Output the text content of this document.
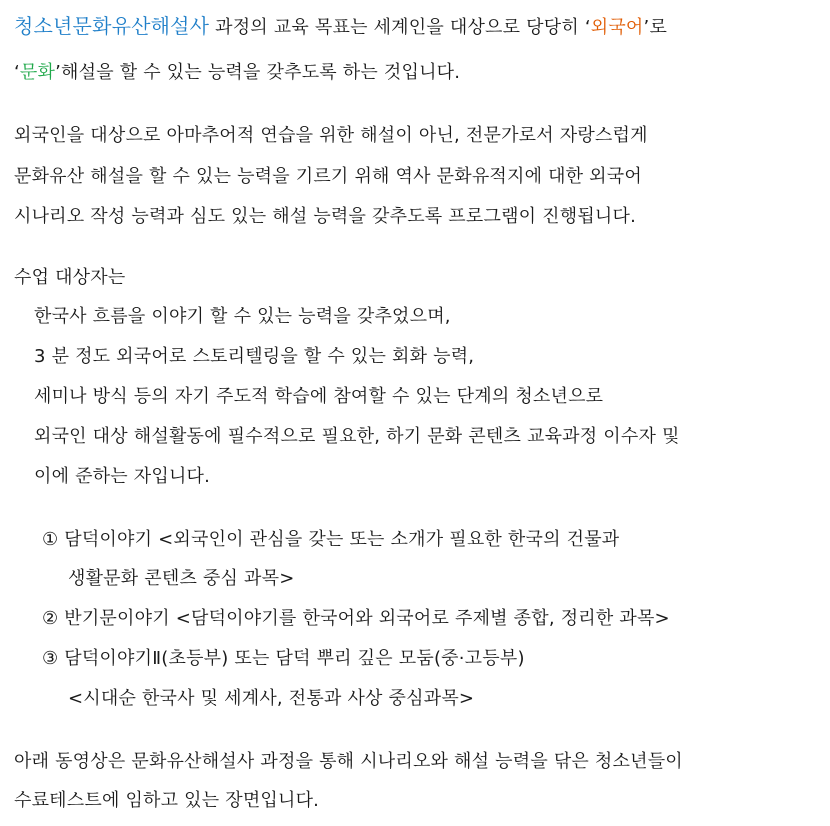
청소년문화유산해설사 과정의 교육 목표는 세계인을 대상으로 당당히 ‘외국어’로
‘문화’해설을 할 수 있는 능력을 갖추도록 하는 것입니다.
외국인을 대상으로 아마추어적 연습을 위한 해설이 아닌, 전문가로서 자랑스럽게
문화유산 해설을 할 수 있는 능력을 기르기 위해 역사 문화유적지에 대한 외국어
시나리오 작성 능력과 심도 있는 해설 능력을 갖추도록 프로그램이 진행됩니다.
수업 대상자는
한국사 흐름을 이야기 할 수 있는 능력을 갖추었으며,
3 분 정도 외국어로 스토리텔링을 할 수 있는 회화 능력,
세미나 방식 등의 자기 주도적 학습에 참여할 수 있는 단계의 청소년으로
외국인 대상 해설활동에 필수적으로 필요한, 하기 문화 콘텐츠 교육과정 이수자 및
이에 준하는 자입니다.
① 담덕이야기 <외국인이 관심을 갖는 또는 소개가 필요한 한국의 건물과
생활문화 콘텐츠 중심 과목>
② 반기문이야기 <담덕이야기를 한국어와 외국어로 주제별 종합, 정리한 과목>
③ 담덕이야기Ⅱ(초등부) 또는 담덕 뿌리 깊은 모둠(중·고등부)
<시대순 한국사 및 세계사, 전통과 사상 중심과목>
아래 동영상은 문화유산해설사 과정을 통해 시나리오와 해설 능력을 닦은 청소년들이
수료테스트에 임하고 있는 장면입니다.
